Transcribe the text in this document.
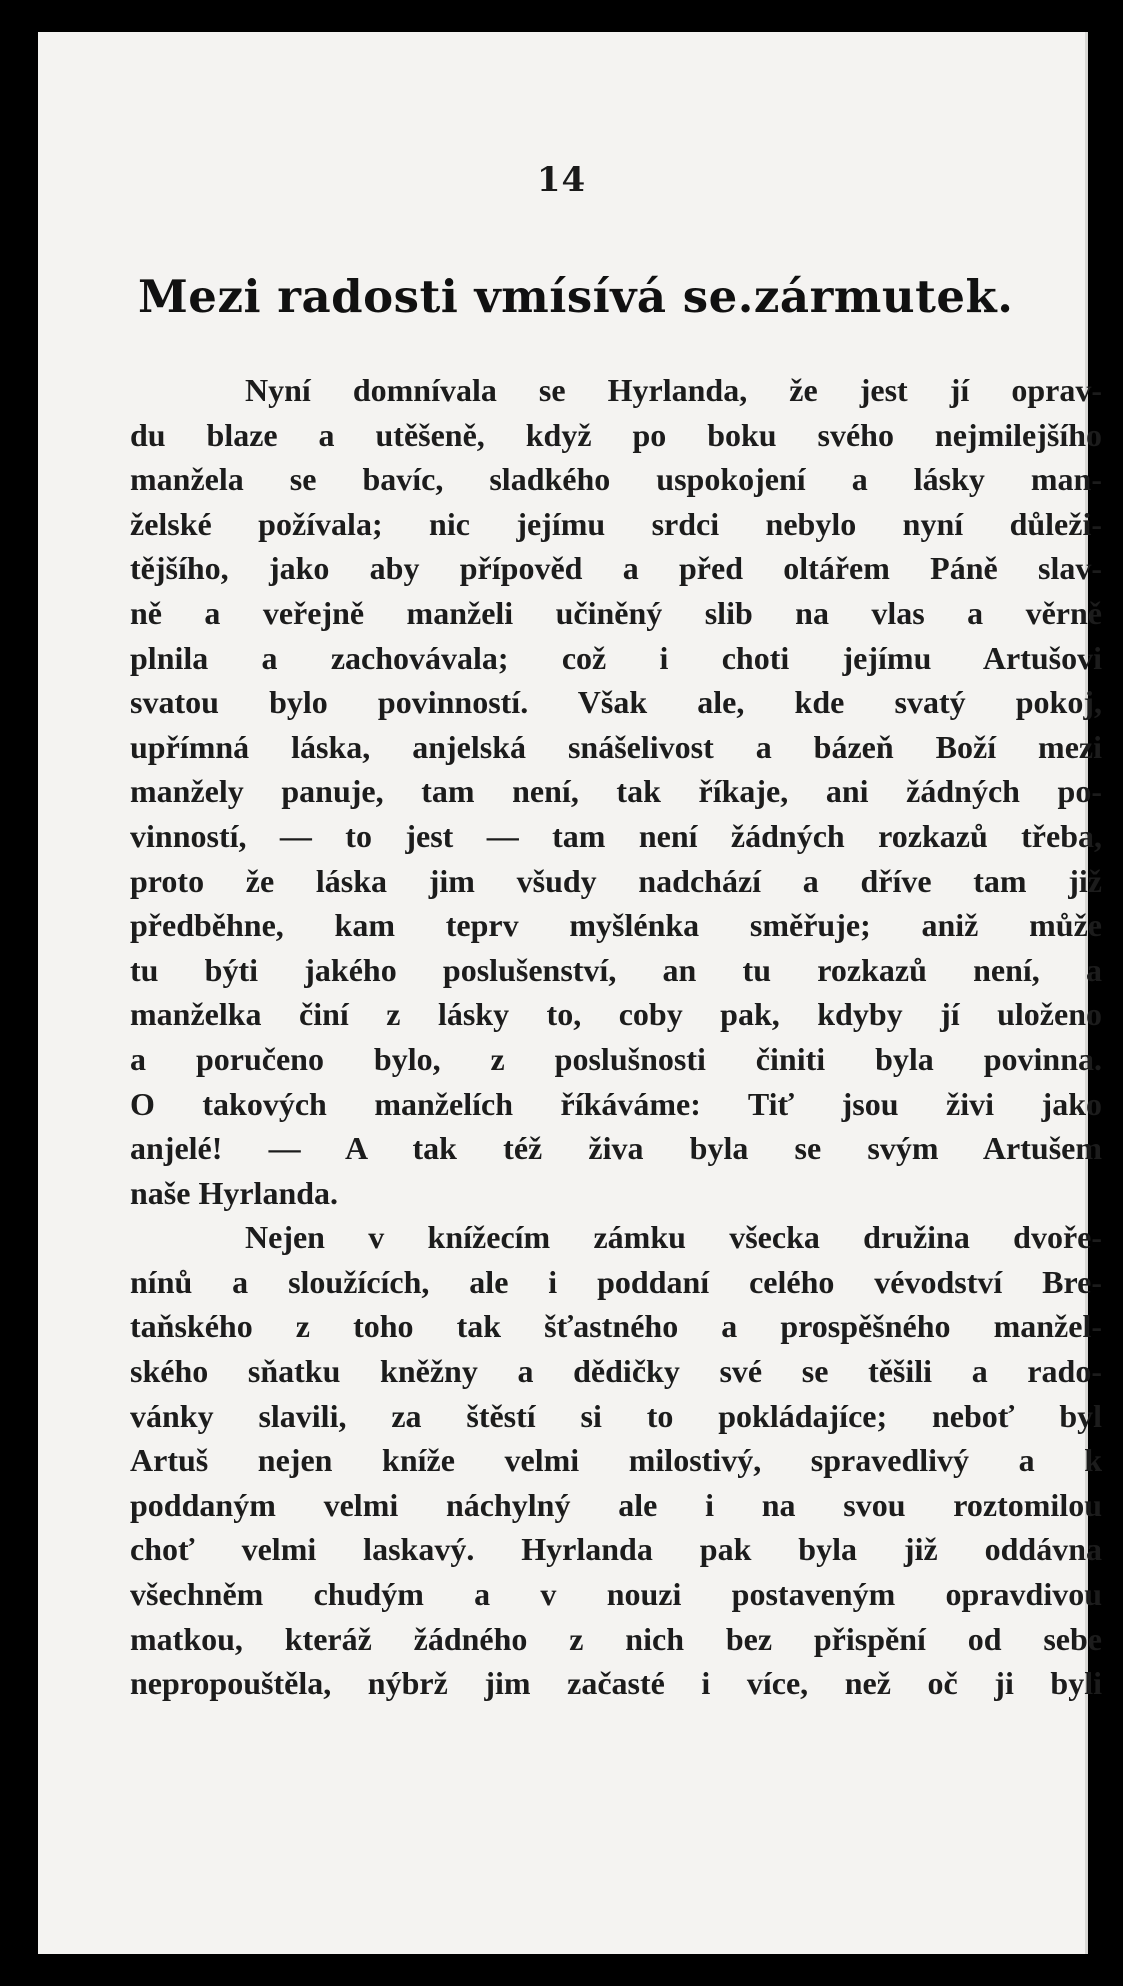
14
Mezi radosti vmísívá se.zármutek.
Nyní domnívala se Hyrlanda, že jest jí oprav-
du blaze a utěšeně, když po boku svého nejmilejšího
manžela se bavíc, sladkého uspokojení a lásky man-
želské požívala; nic jejímu srdci nebylo nyní důleži-
tějšího, jako aby přípověd a před oltářem Páně slav-
ně a veřejně manželi učiněný slib na vlas a věrně
plnila a zachovávala; což i choti jejímu Artušovi
svatou bylo povinností. Však ale, kde svatý pokoj,
upřímná láska, anjelská snášelivost a bázeň Boží mezi
manžely panuje, tam není, tak říkaje, ani žádných po-
vinností, — to jest — tam není žádných rozkazů třeba,
proto že láska jim všudy nadchází a dříve tam již
předběhne, kam teprv myšlénka směřuje; aniž může
tu býti jakého poslušenství, an tu rozkazů není, a
manželka činí z lásky to, coby pak, kdyby jí uloženo
a poručeno bylo, z poslušnosti činiti byla povinna.
O takových manželích říkáváme: Tiť jsou živi jako
anjelé! — A tak též živa byla se svým Artušem
naše Hyrlanda.
Nejen v knížecím zámku všecka družina dvoře-
nínů a sloužících, ale i poddaní celého vévodství Bre-
taňského z toho tak šťastného a prospěšného manžel-
ského sňatku kněžny a dědičky své se těšili a rado-
vánky slavili, za štěstí si to pokládajíce; neboť byl
Artuš nejen kníže velmi milostivý, spravedlivý a k
poddaným velmi náchylný ale i na svou roztomilou
choť velmi laskavý. Hyrlanda pak byla již oddávna
všechněm chudým a v nouzi postaveným opravdivou
matkou, kteráž žádného z nich bez přispění od sebe
nepropouštěla, nýbrž jim začasté i více, než oč ji byli
